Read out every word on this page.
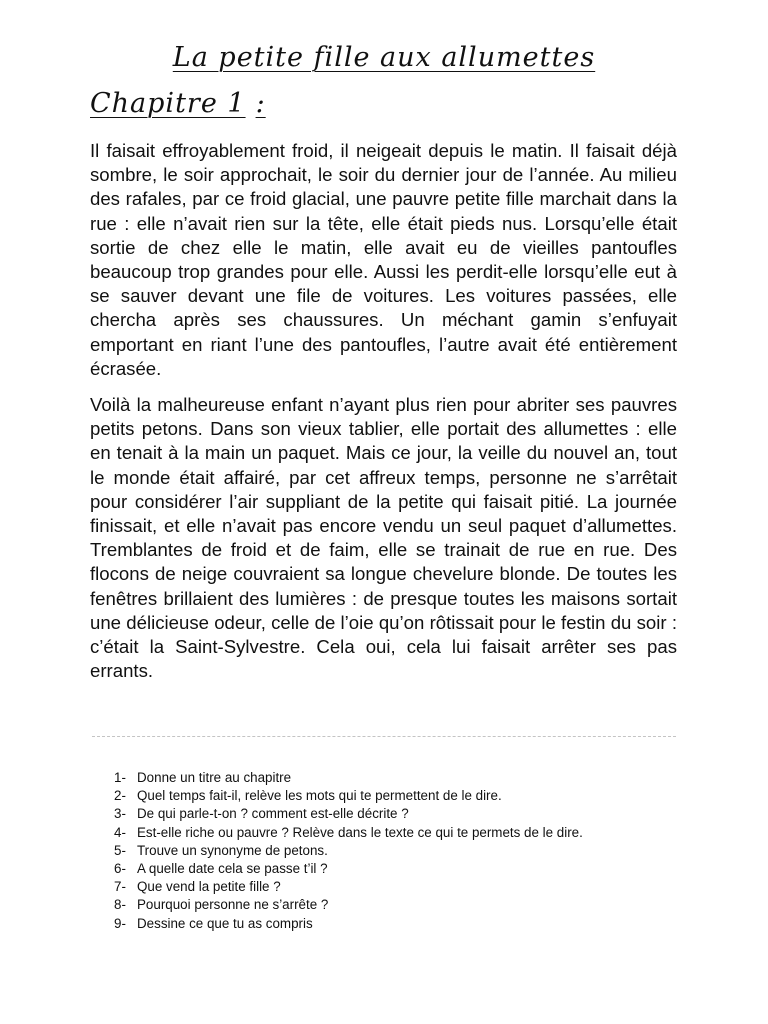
La petite fille aux allumettes
Chapitre 1 :

Il faisait effroyablement froid, il neigeait depuis le matin. Il faisait déjà sombre, le soir approchait, le soir du dernier jour de l’année. Au milieu des rafales, par ce froid glacial, une pauvre petite fille marchait dans la rue : elle n’avait rien sur la tête, elle était pieds nus. Lorsqu’elle était sortie de chez elle le matin, elle avait eu de vieilles pantoufles beaucoup trop grandes pour elle. Aussi les perdit-elle lorsqu’elle eut à se sauver devant une file de voitures. Les voitures passées, elle chercha après ses chaussures. Un méchant gamin s’enfuyait emportant en riant l’une des pantoufles, l’autre avait été entièrement écrasée.

Voilà la malheureuse enfant n’ayant plus rien pour abriter ses pauvres petits petons. Dans son vieux tablier, elle portait des allumettes : elle en tenait à la main un paquet. Mais ce jour, la veille du nouvel an, tout le monde était affairé, par cet affreux temps, personne ne s’arrêtait pour considérer l’air suppliant de la petite qui faisait pitié. La journée finissait, et elle n’avait pas encore vendu un seul paquet d’allumettes. Tremblantes de froid et de faim, elle se trainait de rue en rue. Des flocons de neige couvraient sa longue chevelure blonde. De toutes les fenêtres brillaient des lumières : de presque toutes les maisons sortait une délicieuse odeur, celle de l’oie qu’on rôtissait pour le festin du soir : c’était la Saint-Sylvestre. Cela oui, cela lui faisait arrêter ses pas errants.

1- Donne un titre au chapitre
2- Quel temps fait-il, relève les mots qui te permettent de le dire.
3- De qui parle-t-on ? comment est-elle décrite ?
4- Est-elle riche ou pauvre ? Relève dans le texte ce qui te permets de le dire.
5- Trouve un synonyme de petons.
6- A quelle date cela se passe t’il ?
7- Que vend la petite fille ?
8- Pourquoi personne ne s’arrête ?
9- Dessine ce que tu as compris
